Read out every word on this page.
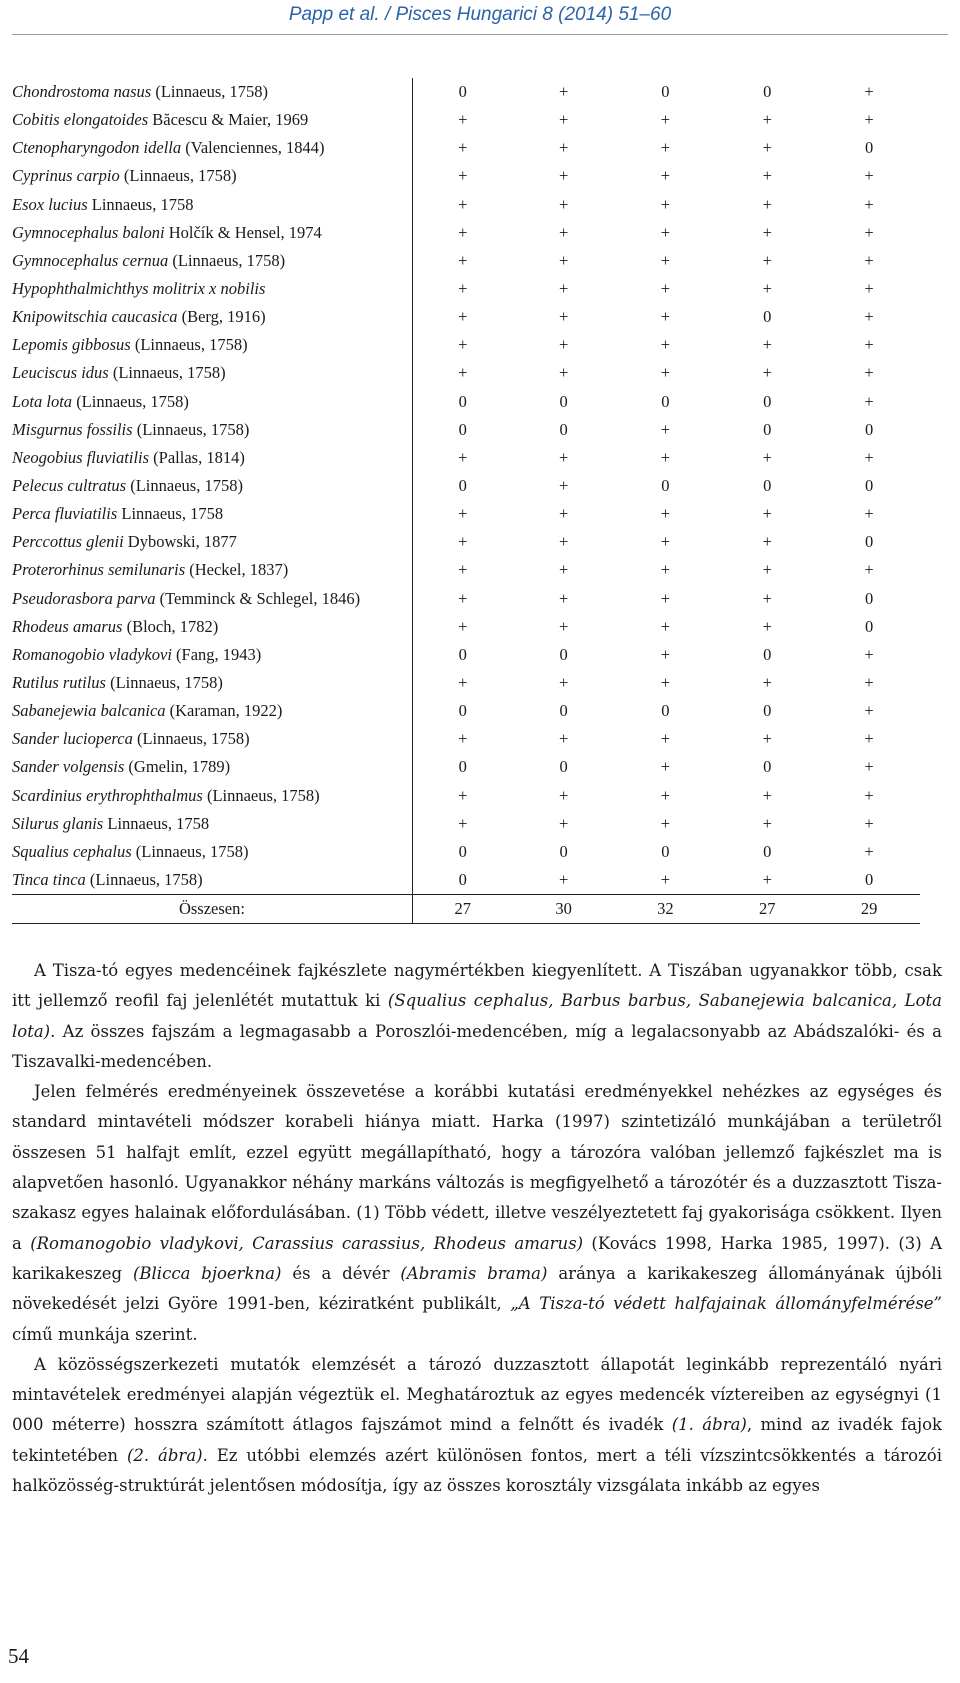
Papp et al. / Pisces Hungarici 8 (2014) 51–60
Chondrostoma nasus (Linnaeus, 1758)	0	+	0	0	+
Cobitis elongatoides Băcescu & Maier, 1969	+	+	+	+	+
Ctenopharyngodon idella (Valenciennes, 1844)	+	+	+	+	0
Cyprinus carpio (Linnaeus, 1758)	+	+	+	+	+
Esox lucius Linnaeus, 1758	+	+	+	+	+
Gymnocephalus baloni Holčík & Hensel, 1974	+	+	+	+	+
Gymnocephalus cernua (Linnaeus, 1758)	+	+	+	+	+
Hypophthalmichthys molitrix x nobilis	+	+	+	+	+
Knipowitschia caucasica (Berg, 1916)	+	+	+	0	+
Lepomis gibbosus (Linnaeus, 1758)	+	+	+	+	+
Leuciscus idus (Linnaeus, 1758)	+	+	+	+	+
Lota lota (Linnaeus, 1758)	0	0	0	0	+
Misgurnus fossilis (Linnaeus, 1758)	0	0	+	0	0
Neogobius fluviatilis (Pallas, 1814)	+	+	+	+	+
Pelecus cultratus (Linnaeus, 1758)	0	+	0	0	0
Perca fluviatilis Linnaeus, 1758	+	+	+	+	+
Perccottus glenii Dybowski, 1877	+	+	+	+	0
Proterorhinus semilunaris (Heckel, 1837)	+	+	+	+	+
Pseudorasbora parva (Temminck & Schlegel, 1846)	+	+	+	+	0
Rhodeus amarus (Bloch, 1782)	+	+	+	+	0
Romanogobio vladykovi (Fang, 1943)	0	0	+	0	+
Rutilus rutilus (Linnaeus, 1758)	+	+	+	+	+
Sabanejewia balcanica (Karaman, 1922)	0	0	0	0	+
Sander lucioperca (Linnaeus, 1758)	+	+	+	+	+
Sander volgensis (Gmelin, 1789)	0	0	+	0	+
Scardinius erythrophthalmus (Linnaeus, 1758)	+	+	+	+	+
Silurus glanis Linnaeus, 1758	+	+	+	+	+
Squalius cephalus (Linnaeus, 1758)	0	0	0	0	+
Tinca tinca (Linnaeus, 1758)	0	+	+	+	0
Összesen:	27	30	32	27	29

A Tisza-tó egyes medencéinek fajkészlete nagymértékben kiegyenlített. A Tiszában ugyanakkor több, csak itt jellemző reofil faj jelenlétét mutattuk ki (Squalius cephalus, Barbus barbus, Sabanejewia balcanica, Lota lota). Az összes fajszám a legmagasabb a Poroszlói-medencében, míg a legalacsonyabb az Abádszalóki- és a Tiszavalki-medencében.

Jelen felmérés eredményeinek összevetése a korábbi kutatási eredményekkel nehézkes az egységes és standard mintavételi módszer korabeli hiánya miatt. Harka (1997) szintetizáló munkájában a területről összesen 51 halfajt említ, ezzel együtt megállapítható, hogy a tározóra valóban jellemző fajkészlet ma is alapvetően hasonló. Ugyanakkor néhány markáns változás is megfigyelhető a tározótér és a duzzasztott Tisza-szakasz egyes halainak előfordulásában. (1) Több védett, illetve veszélyeztetett faj gyakorisága csökkent. Ilyen a (Romanogobio vladykovi, Carassius carassius, Rhodeus amarus) (Kovács 1998, Harka 1985, 1997). (3) A karikakeszeg (Blicca bjoerkna) és a dévér (Abramis brama) aránya a karikakeszeg állományának újbóli növekedését jelzi Györe 1991-ben, kéziratként publikált, „A Tisza-tó védett halfajainak állományfelmérése” című munkája szerint.

A közösségszerkezeti mutatók elemzését a tározó duzzasztott állapotát leginkább reprezentáló nyári mintavételek eredményei alapján végeztük el. Meghatároztuk az egyes medencék víztereiben az egységnyi (1 000 méterre) hosszra számított átlagos fajszámot mind a felnőtt és ivadék (1. ábra), mind az ivadék fajok tekintetében (2. ábra). Ez utóbbi elemzés azért különösen fontos, mert a téli vízszintcsökkentés a tározói halközösség-struktúrát jelentősen módosítja, így az összes korosztály vizsgálata inkább az egyes

54
